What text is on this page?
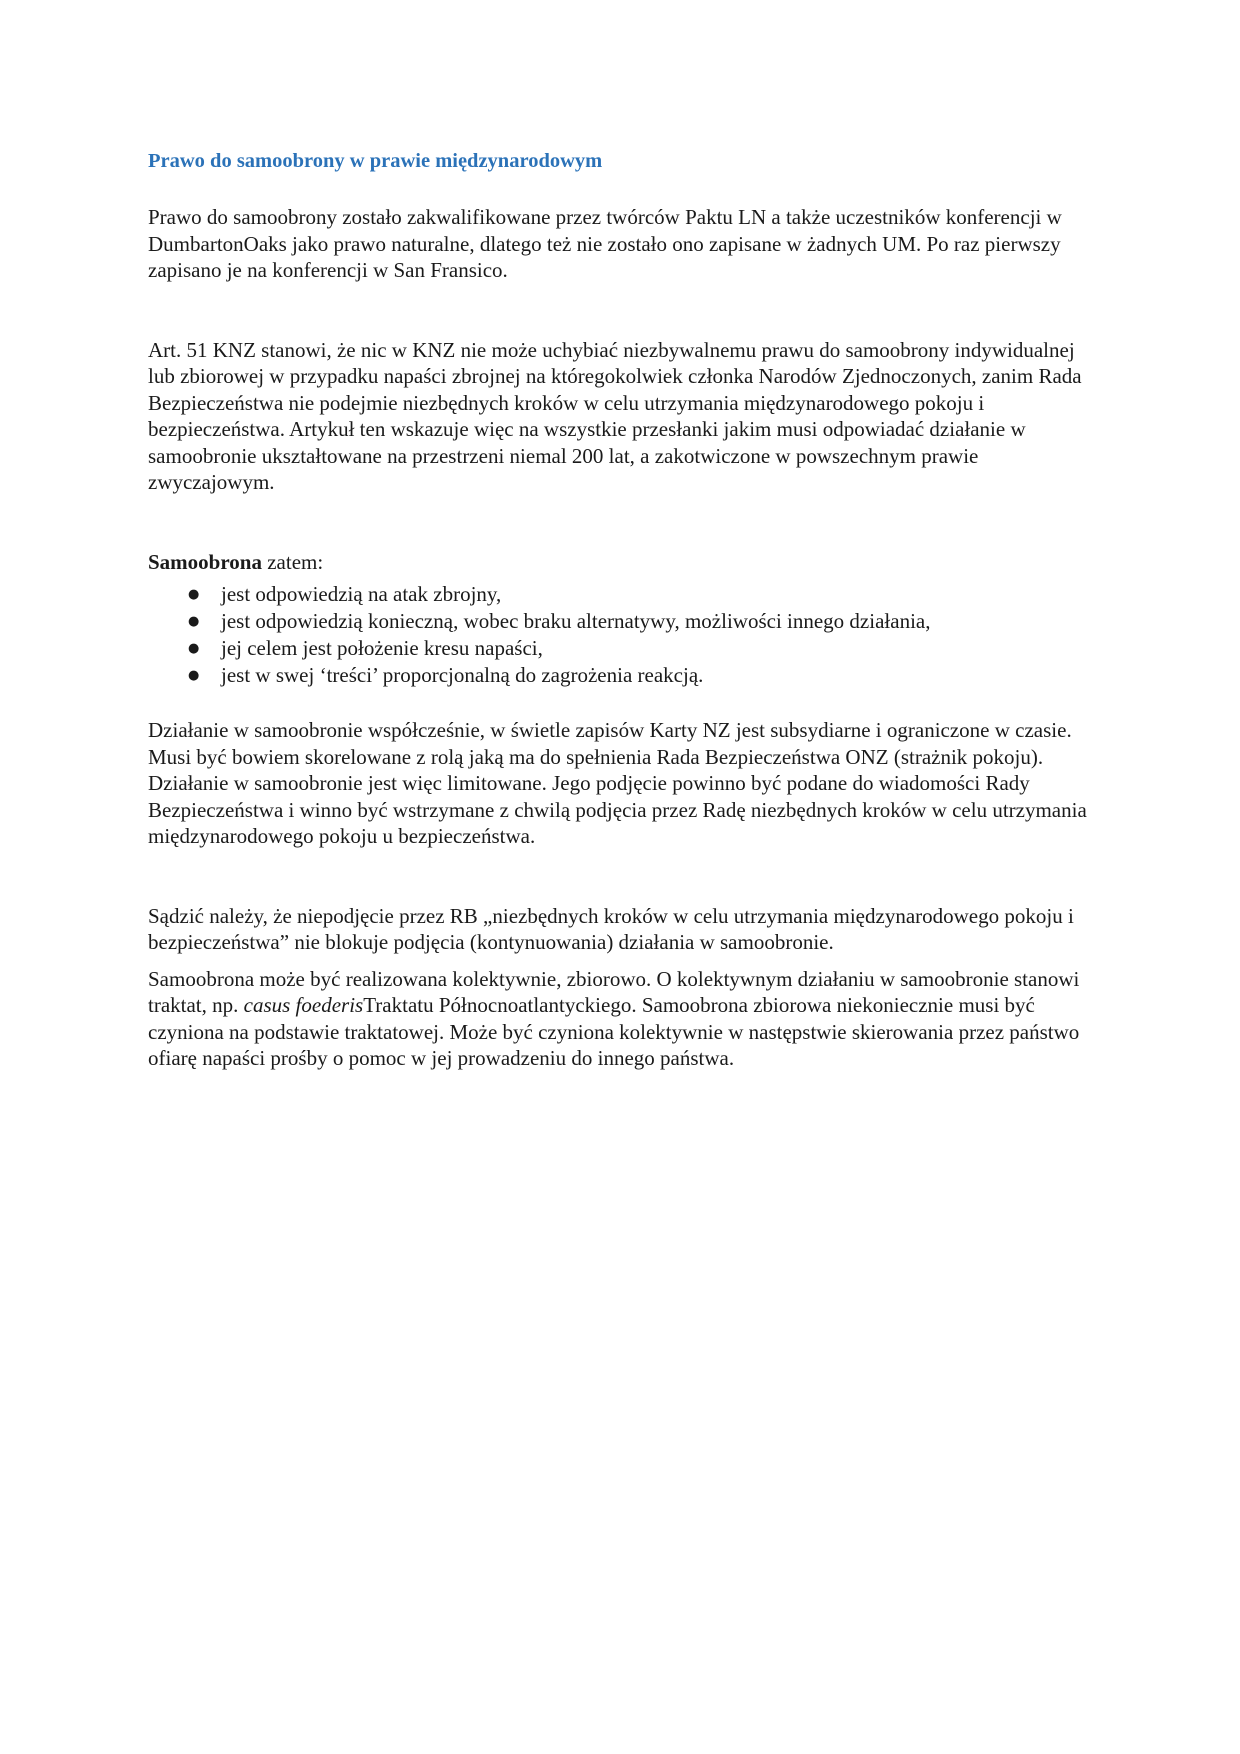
Prawo do samoobrony w prawie międzynarodowym

Prawo do samoobrony zostało zakwalifikowane przez twórców Paktu LN a także uczestników konferencji w DumbartonOaks jako prawo naturalne, dlatego też nie zostało ono zapisane w żadnych UM. Po raz pierwszy zapisano je na konferencji w San Fransico.

Art. 51 KNZ stanowi, że nic w KNZ nie może uchybiać niezbywalnemu prawu do samoobrony indywidualnej lub zbiorowej w przypadku napaści zbrojnej na któregokolwiek członka Narodów Zjednoczonych, zanim Rada Bezpieczeństwa nie podejmie niezbędnych kroków w celu utrzymania międzynarodowego pokoju i bezpieczeństwa. Artykuł ten wskazuje więc na wszystkie przesłanki jakim musi odpowiadać działanie w samoobronie ukształtowane na przestrzeni niemal 200 lat, a zakotwiczone w powszechnym prawie zwyczajowym.

Samoobrona zatem:

● jest odpowiedzią na atak zbrojny,
● jest odpowiedzią konieczną, wobec braku alternatywy, możliwości innego działania,
● jej celem jest położenie kresu napaści,
● jest w swej ‘treści’ proporcjonalną do zagrożenia reakcją.

Działanie w samoobronie współcześnie, w świetle zapisów Karty NZ jest subsydiarne i ograniczone w czasie. Musi być bowiem skorelowane z rolą jaką ma do spełnienia Rada Bezpieczeństwa ONZ (strażnik pokoju). Działanie w samoobronie jest więc limitowane. Jego podjęcie powinno być podane do wiadomości Rady Bezpieczeństwa i winno być wstrzymane z chwilą podjęcia przez Radę niezbędnych kroków w celu utrzymania międzynarodowego pokoju u bezpieczeństwa.

Sądzić należy, że niepodjęcie przez RB „niezbędnych kroków w celu utrzymania międzynarodowego pokoju i bezpieczeństwa” nie blokuje podjęcia (kontynuowania) działania w samoobronie.

Samoobrona może być realizowana kolektywnie, zbiorowo. O kolektywnym działaniu w samoobronie stanowi traktat, np. casus foederisTraktatu Północnoatlantyckiego. Samoobrona zbiorowa niekoniecznie musi być czyniona na podstawie traktatowej. Może być czyniona kolektywnie w następstwie skierowania przez państwo ofiarę napaści prośby o pomoc w jej prowadzeniu do innego państwa.
